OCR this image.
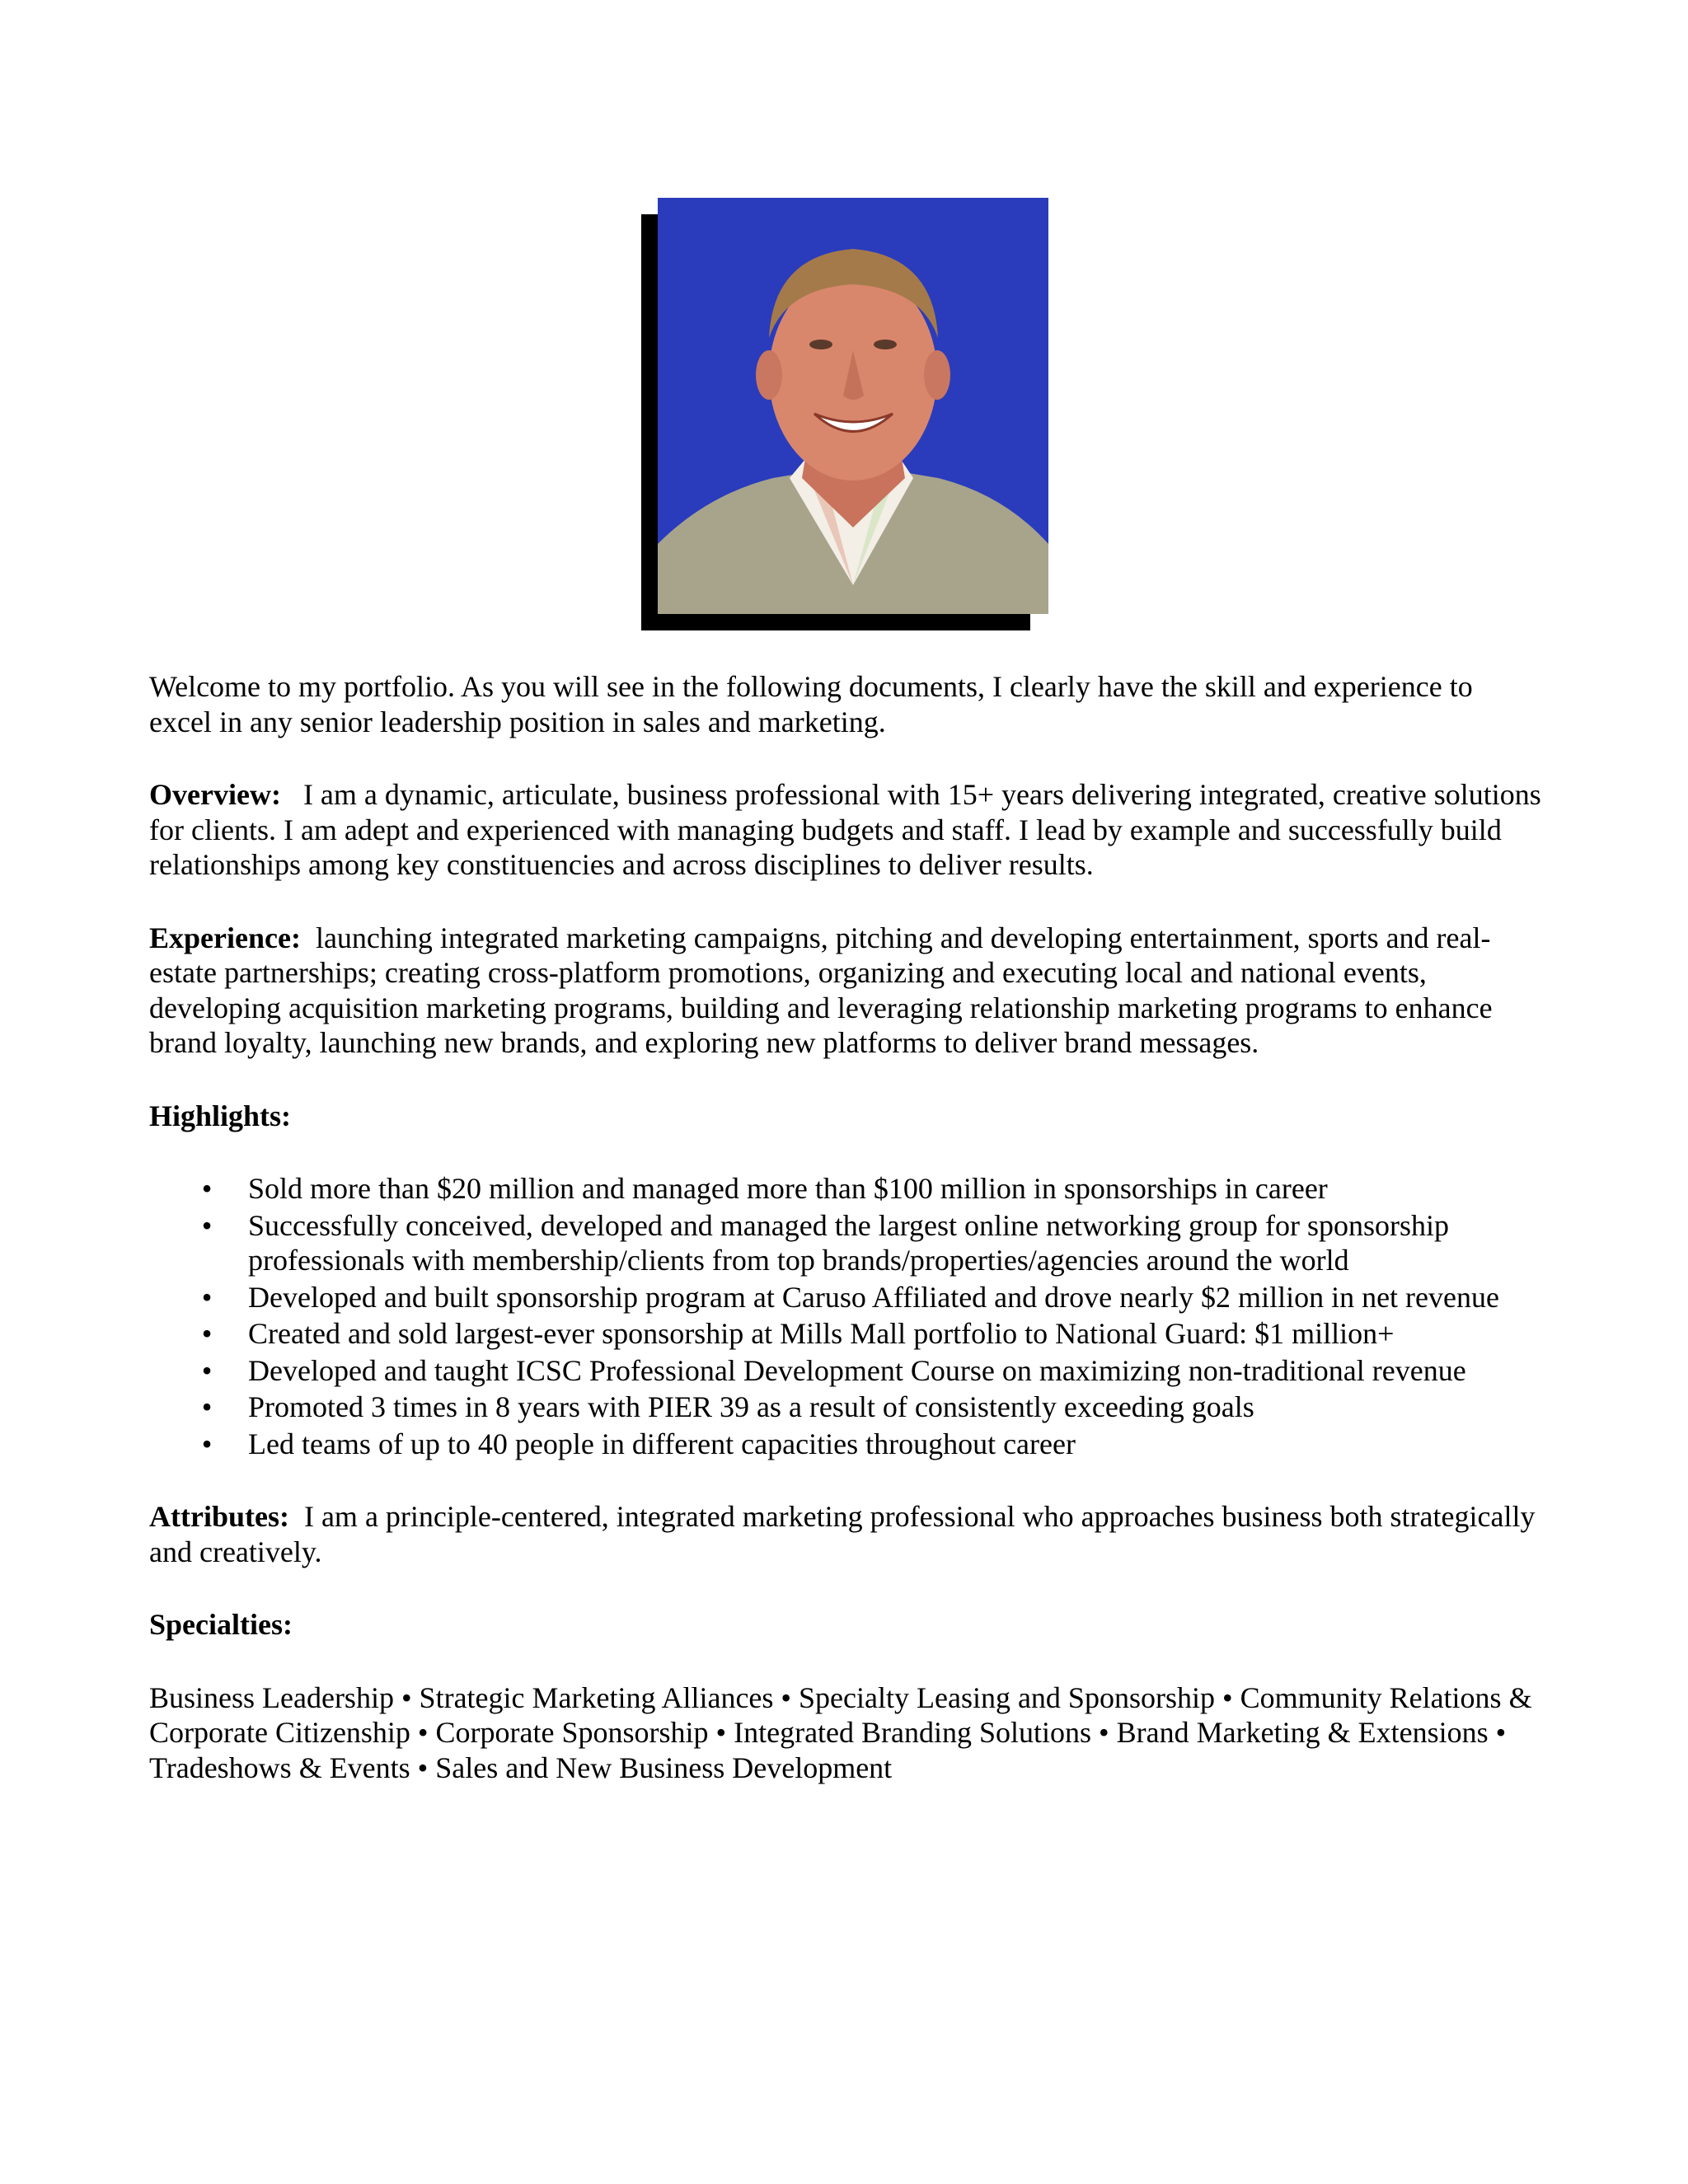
Welcome to my portfolio. As you will see in the following documents, I clearly have the skill and experience to excel in any senior leadership position in sales and marketing.

Overview: I am a dynamic, articulate, business professional with 15+ years delivering integrated, creative solutions for clients. I am adept and experienced with managing budgets and staff. I lead by example and successfully build relationships among key constituencies and across disciplines to deliver results.

Experience: launching integrated marketing campaigns, pitching and developing entertainment, sports and real-estate partnerships; creating cross-platform promotions, organizing and executing local and national events, developing acquisition marketing programs, building and leveraging relationship marketing programs to enhance brand loyalty, launching new brands, and exploring new platforms to deliver brand messages.

Highlights:
• Sold more than $20 million and managed more than $100 million in sponsorships in career
• Successfully conceived, developed and managed the largest online networking group for sponsorship professionals with membership/clients from top brands/properties/agencies around the world
• Developed and built sponsorship program at Caruso Affiliated and drove nearly $2 million in net revenue
• Created and sold largest-ever sponsorship at Mills Mall portfolio to National Guard: $1 million+
• Developed and taught ICSC Professional Development Course on maximizing non-traditional revenue
• Promoted 3 times in 8 years with PIER 39 as a result of consistently exceeding goals
• Led teams of up to 40 people in different capacities throughout career

Attributes: I am a principle-centered, integrated marketing professional who approaches business both strategically and creatively.

Specialties:

Business Leadership • Strategic Marketing Alliances • Specialty Leasing and Sponsorship • Community Relations & Corporate Citizenship • Corporate Sponsorship • Integrated Branding Solutions • Brand Marketing & Extensions • Tradeshows & Events • Sales and New Business Development
